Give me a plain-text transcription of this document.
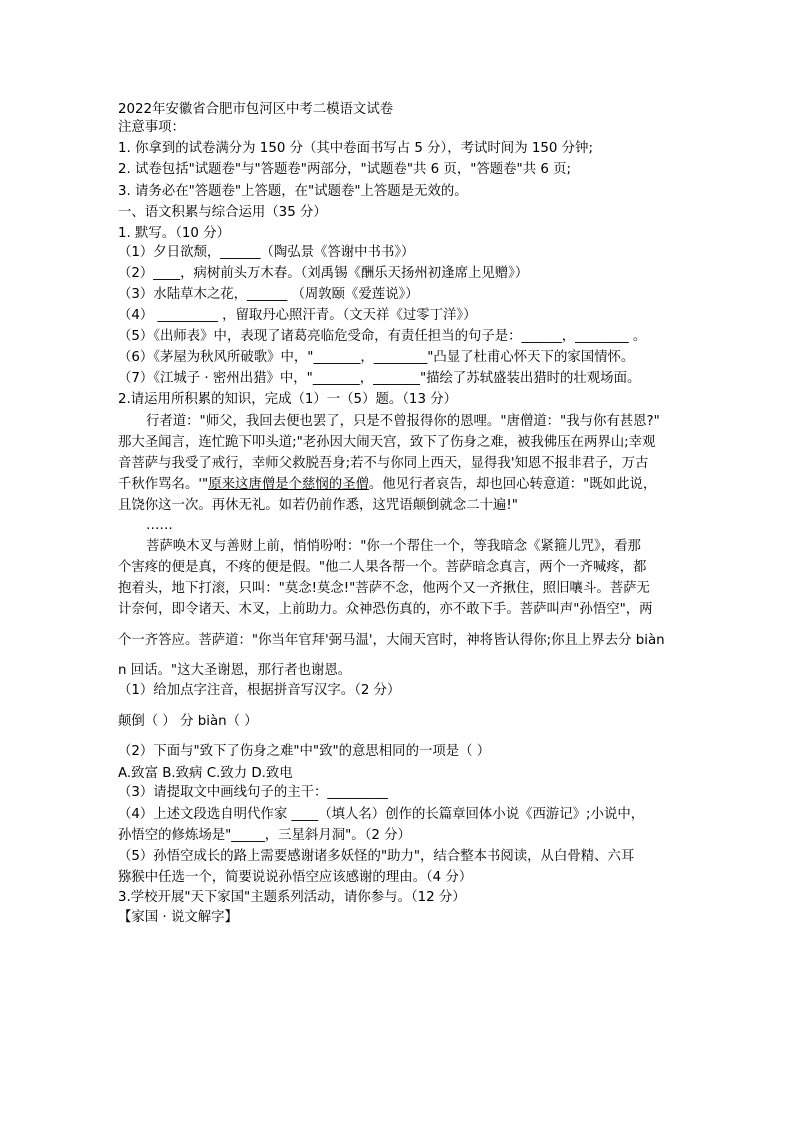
2022年安徽省合肥市包河区中考二模语文试卷
注意事项：
1. 你拿到的试卷满分为 150 分（其中卷面书写占 5 分），考试时间为 150 分钟;
2. 试卷包括"试题卷"与"答题卷"两部分，"试题卷"共 6 页，"答题卷"共 6 页;
3. 请务必在"答题卷"上答题，在"试题卷"上答题是无效的。
一、语文积累与综合运用（35 分）
1. 默写。（10 分）
（1）夕日欲颓，______（陶弘景《答谢中书书》）
（2）____，病树前头万木春。（刘禹锡《酬乐天扬州初逢席上见赠》）
（3）水陆草木之花，______ （周敦颐《爱莲说》）
（4） _________ ，留取丹心照汗青。（文天祥《过零丁洋》）
（5）《出师表》中，表现了诸葛亮临危受命，有责任担当的句子是：______，________ 。
（6）《茅屋为秋风所破歌》中，"_______，________"凸显了杜甫心怀天下的家国情怀。
（7）《江城子 · 密州出猎》中，"_______，_______"描绘了苏轼盛装出猎时的壮观场面。
2.请运用所积累的知识，完成（1）一（5）题。（13 分）
行者道："师父，我回去便也罢了，只是不曾报得你的恩哩。"唐僧道："我与你有甚恩?"
那大圣闻言，连忙跪下叩头道;"老孙因大闹天宫，致下了伤身之难，被我佛压在两界山;幸观
音菩萨与我受了戒行，幸师父救脱吾身;若不与你同上西天，显得我'知恩不报非君子，万古
千秋作骂名。'"原来这唐僧是个慈悯的圣僧。他见行者哀告，却也回心转意道："既如此说，
且饶你这一次。再休无礼。如若仍前作悉，这咒语颠倒就念二十遍!"
……
菩萨唤木叉与善财上前，悄悄吩咐："你一个帮住一个，等我暗念《紧箍儿咒》，看那
个害疼的便是真，不疼的便是假。"他二人果各帮一个。菩萨暗念真言，两个一齐喊疼，都
抱着头，地下打滚，只叫："莫念!莫念!"菩萨不念，他两个又一齐揪住，照旧嚷斗。菩萨无
计奈何，即令诸天、木叉，上前助力。众神恐伤真的，亦不敢下手。菩萨叫声"孙悟空"，两
个一齐答应。菩萨道："你当年官拜'弼马温'，大闹天宫时，神将皆认得你;你且上界去分 biàn
n 回话。"这大圣谢恩，那行者也谢恩。
（1）给加点字注音，根据拼音写汉字。（2 分）
颠倒（ ） 分 biàn（ ）
（2）下面与"致下了伤身之难"中"致"的意思相同的一项是（ ）
A.致富 B.致病 C.致力 D.致电
（3）请提取文中画线句子的主干：_________
（4）上述文段选自明代作家 ____（填人名）创作的长篇章回体小说《西游记》;小说中，
孙悟空的修炼场是"_____，三星斜月洞"。（2 分）
（5）孙悟空成长的路上需要感谢诸多妖怪的"助力"，结合整本书阅读，从白骨精、六耳
猕猴中任选一个，简要说说孙悟空应该感谢的理由。（4 分）
3.学校开展"天下家国"主题系列活动，请你参与。（12 分）
【家国 · 说文解字】
